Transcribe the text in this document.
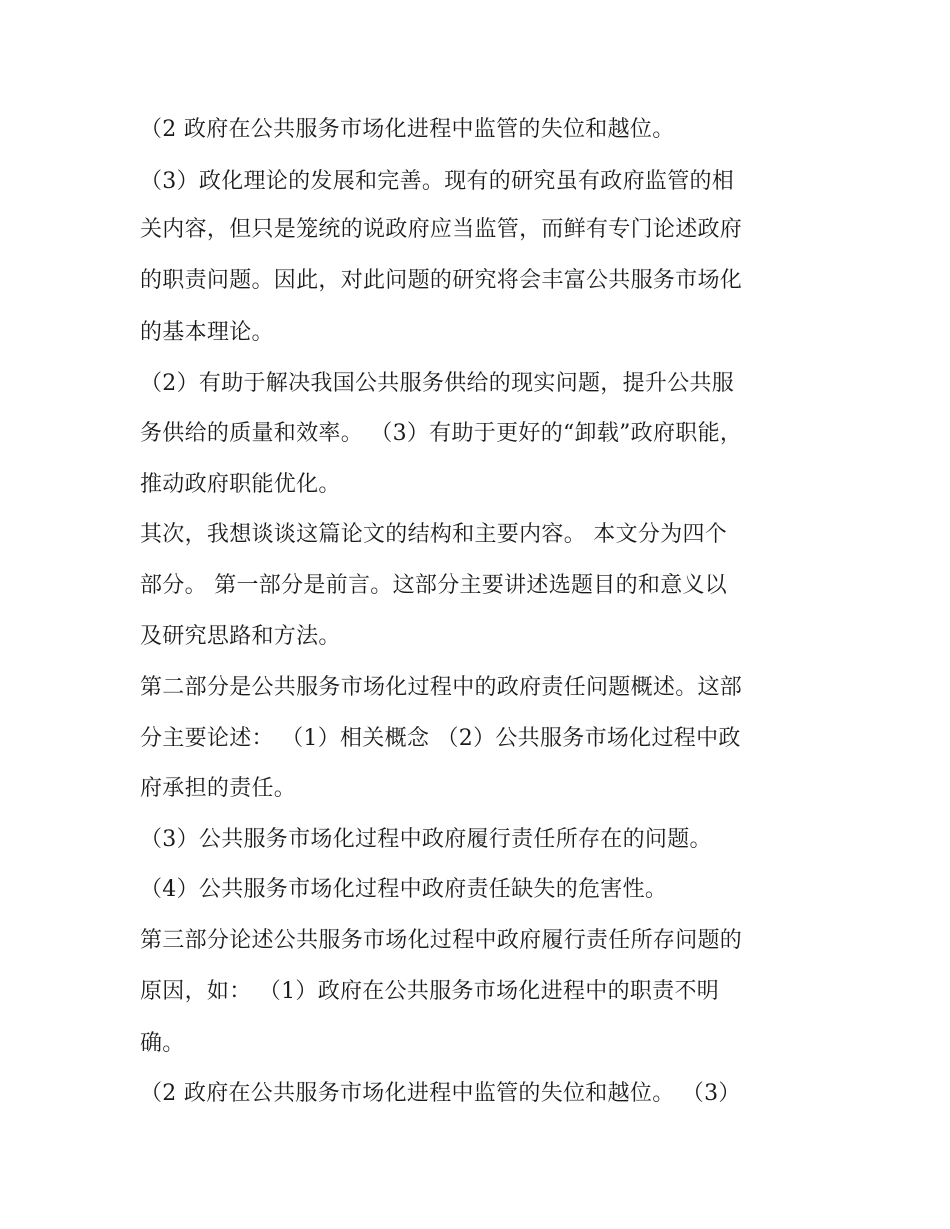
（2 政府在公共服务市场化进程中监管的失位和越位。
（3）政化理论的发展和完善。现有的研究虽有政府监管的相
关内容，但只是笼统的说政府应当监管，而鲜有专门论述政府
的职责问题。因此，对此问题的研究将会丰富公共服务市场化
的基本理论。
（2）有助于解决我国公共服务供给的现实问题，提升公共服
务供给的质量和效率。 （3）有助于更好的“卸载”政府职能，
推动政府职能优化。
其次，我想谈谈这篇论文的结构和主要内容。 本文分为四个
部分。 第一部分是前言。这部分主要讲述选题目的和意义以
及研究思路和方法。
第二部分是公共服务市场化过程中的政府责任问题概述。这部
分主要论述： （1）相关概念 （2）公共服务市场化过程中政
府承担的责任。
（3）公共服务市场化过程中政府履行责任所存在的问题。
（4）公共服务市场化过程中政府责任缺失的危害性。
第三部分论述公共服务市场化过程中政府履行责任所存问题的
原因，如： （1）政府在公共服务市场化进程中的职责不明
确。
（2 政府在公共服务市场化进程中监管的失位和越位。 （3）
